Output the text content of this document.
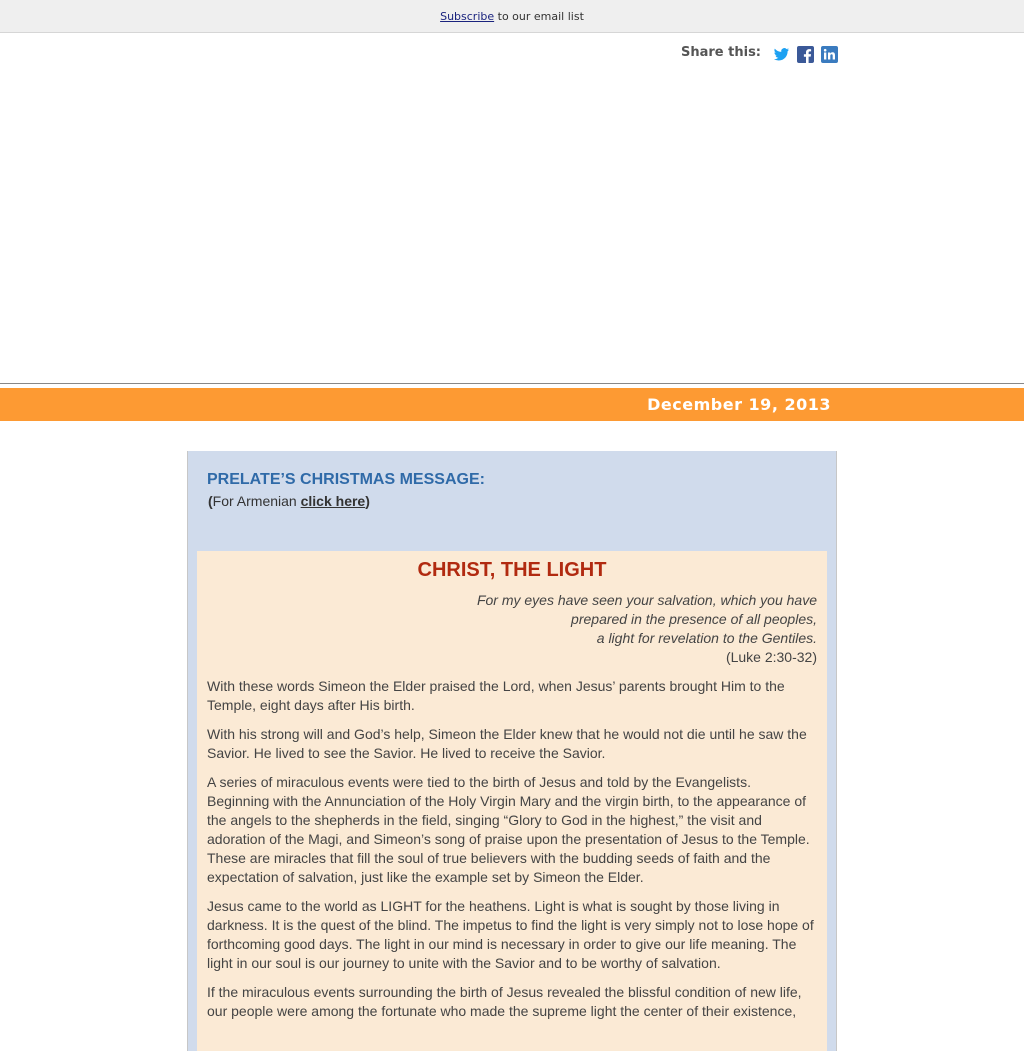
Subscribe to our email list
Share this:
December 19, 2013
PRELATE’S CHRISTMAS MESSAGE:
(For Armenian click here)
CHRIST, THE LIGHT
For my eyes have seen your salvation, which you have
prepared in the presence of all peoples,
a light for revelation to the Gentiles.
(Luke 2:30-32)

With these words Simeon the Elder praised the Lord, when Jesus’ parents brought Him to the Temple, eight days after His birth.

With his strong will and God’s help, Simeon the Elder knew that he would not die until he saw the Savior. He lived to see the Savior. He lived to receive the Savior.

A series of miraculous events were tied to the birth of Jesus and told by the Evangelists. Beginning with the Annunciation of the Holy Virgin Mary and the virgin birth, to the appearance of the angels to the shepherds in the field, singing “Glory to God in the highest,” the visit and adoration of the Magi, and Simeon’s song of praise upon the presentation of Jesus to the Temple. These are miracles that fill the soul of true believers with the budding seeds of faith and the expectation of salvation, just like the example set by Simeon the Elder.

Jesus came to the world as LIGHT for the heathens. Light is what is sought by those living in darkness. It is the quest of the blind. The impetus to find the light is very simply not to lose hope of forthcoming good days. The light in our mind is necessary in order to give our life meaning. The light in our soul is our journey to unite with the Savior and to be worthy of salvation.

If the miraculous events surrounding the birth of Jesus revealed the blissful condition of new life, our people were among the fortunate who made the supreme light the center of their existence,
